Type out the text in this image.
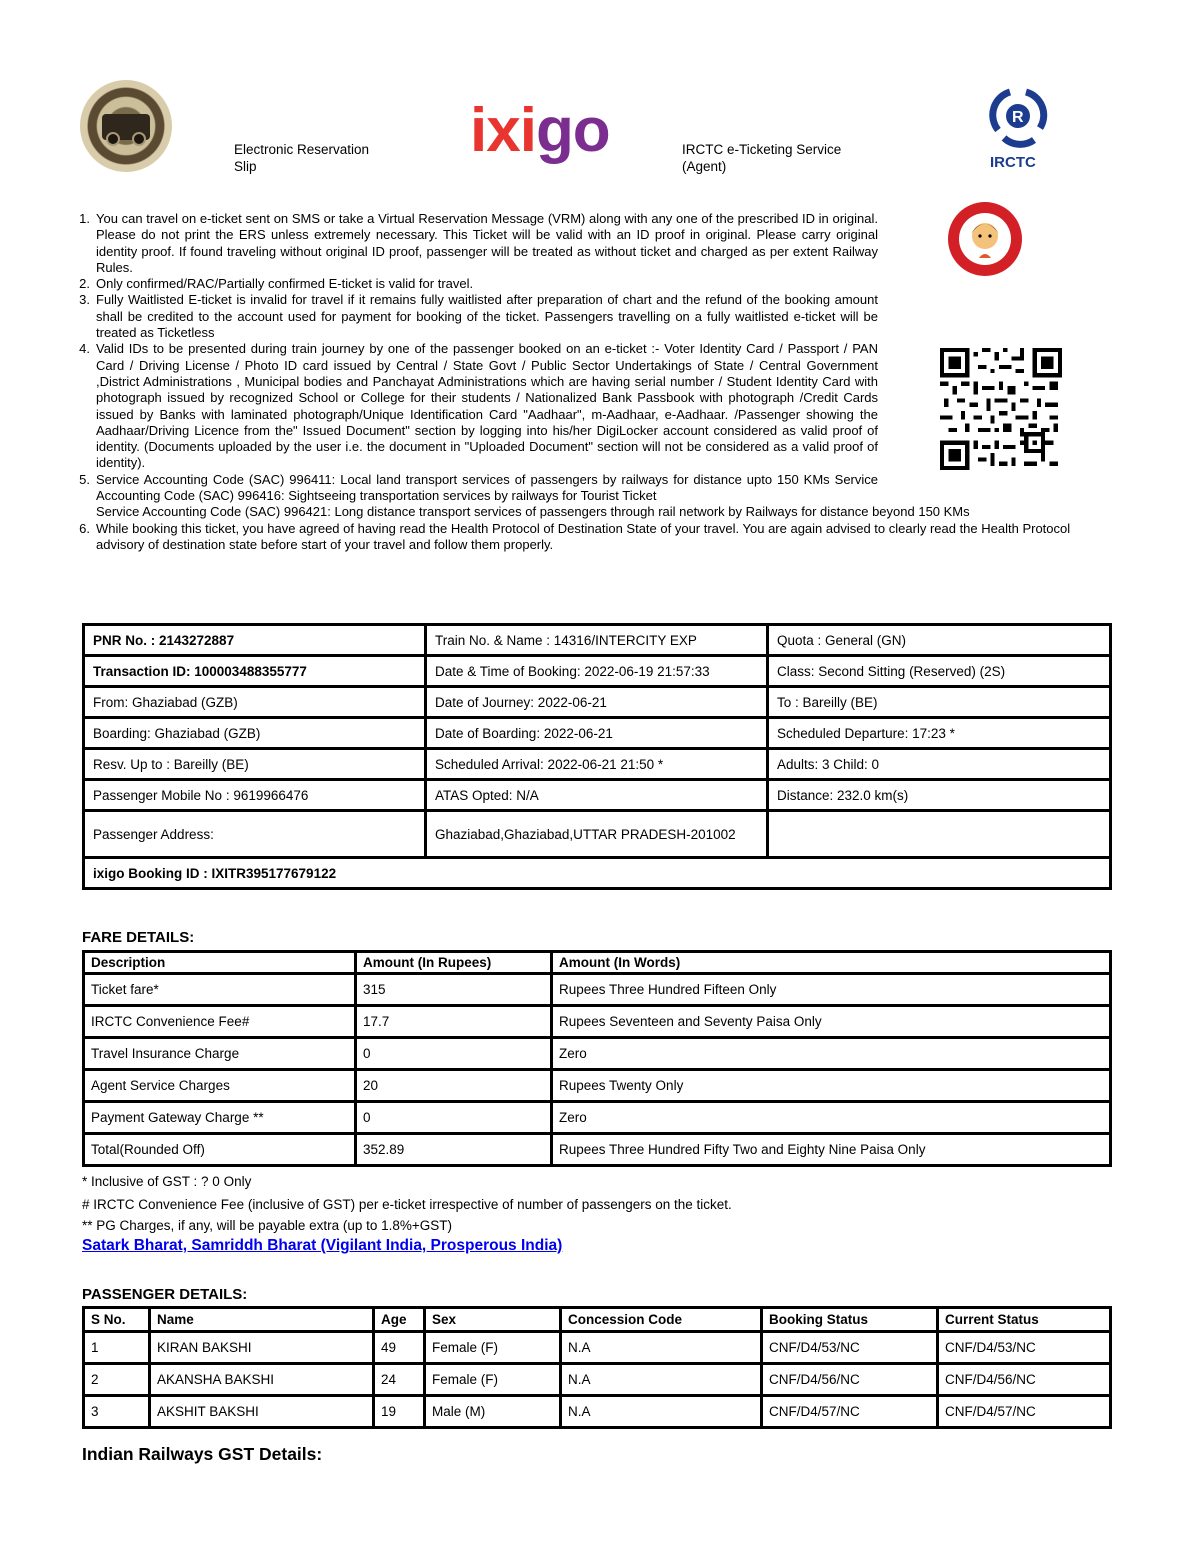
Electronic Reservation Slip
ixigo	IRCTC e-Ticketing Service (Agent)
R
IRCTC
1. You can travel on e-ticket sent on SMS or take a Virtual Reservation Message (VRM) along with any one of the prescribed ID in original. Please do not print the ERS unless extremely necessary. This Ticket will be valid with an ID proof in original. Please carry original identity proof. If found traveling without original ID proof, passenger will be treated as without ticket and charged as per extent Railway Rules.
2. Only confirmed/RAC/Partially confirmed E-ticket is valid for travel.
3. Fully Waitlisted E-ticket is invalid for travel if it remains fully waitlisted after preparation of chart and the refund of the booking amount shall be credited to the account used for payment for booking of the ticket. Passengers travelling on a fully waitlisted e-ticket will be treated as Ticketless
4. Valid IDs to be presented during train journey by one of the passenger booked on an e-ticket :- Voter Identity Card / Passport / PAN Card / Driving License / Photo ID card issued by Central / State Govt / Public Sector Undertakings of State / Central Government ,District Administrations , Municipal bodies and Panchayat Administrations which are having serial number / Student Identity Card with photograph issued by recognized School or College for their students / Nationalized Bank Passbook with photograph /Credit Cards issued by Banks with laminated photograph/Unique Identification Card "Aadhaar", m-Aadhaar, e-Aadhaar. /Passenger showing the Aadhaar/Driving Licence from the" Issued Document" section by logging into his/her DigiLocker account considered as valid proof of identity. (Documents uploaded by the user i.e. the document in "Uploaded Document" section will not be considered as a valid proof of identity).
5. Service Accounting Code (SAC) 996411: Local land transport services of passengers by railways for distance upto 150 KMs Service Accounting Code (SAC) 996416: Sightseeing transportation services by railways for Tourist Ticket
Service Accounting Code (SAC) 996421: Long distance transport services of passengers through rail network by Railways for distance beyond 150 KMs
6. While booking this ticket, you have agreed of having read the Health Protocol of Destination State of your travel. You are again advised to clearly read the Health Protocol advisory of destination state before start of your travel and follow them properly.
PNR No. : 2143272887	Train No. & Name : 14316/INTERCITY EXP	Quota : General (GN)
Transaction ID: 100003488355777	Date & Time of Booking: 2022-06-19 21:57:33	Class: Second Sitting (Reserved) (2S)
From: Ghaziabad (GZB)	Date of Journey: 2022-06-21	To : Bareilly (BE)
Boarding: Ghaziabad (GZB)	Date of Boarding: 2022-06-21	Scheduled Departure: 17:23 *
Resv. Up to : Bareilly (BE)	Scheduled Arrival: 2022-06-21 21:50 *	Adults: 3 Child: 0
Passenger Mobile No : 9619966476	ATAS Opted: N/A	Distance: 232.0 km(s)
Passenger Address:	Ghaziabad,Ghaziabad,UTTAR PRADESH-201002	
ixigo Booking ID : IXITR395177679122		
FARE DETAILS:
Description	Amount (In Rupees)	Amount (In Words)
Ticket fare*	315	Rupees Three Hundred Fifteen Only
IRCTC Convenience Fee#	17.7	Rupees Seventeen and Seventy Paisa Only
Travel Insurance Charge	0	Zero
Agent Service Charges	20	Rupees Twenty Only
Payment Gateway Charge **	0	Zero
Total(Rounded Off)	352.89	Rupees Three Hundred Fifty Two and Eighty Nine Paisa Only
* Inclusive of GST : ? 0 Only
# IRCTC Convenience Fee (inclusive of GST) per e-ticket irrespective of number of passengers on the ticket.
** PG Charges, if any, will be payable extra (up to 1.8%+GST)
Satark Bharat, Samriddh Bharat (Vigilant India, Prosperous India)
PASSENGER DETAILS:
S No.	Name	Age	Sex	Concession Code	Booking Status	Current Status
1	KIRAN BAKSHI	49	Female (F)	N.A	CNF/D4/53/NC	CNF/D4/53/NC
2	AKANSHA BAKSHI	24	Female (F)	N.A	CNF/D4/56/NC	CNF/D4/56/NC
3	AKSHIT BAKSHI	19	Male (M)	N.A	CNF/D4/57/NC	CNF/D4/57/NC
Indian Railways GST Details:
